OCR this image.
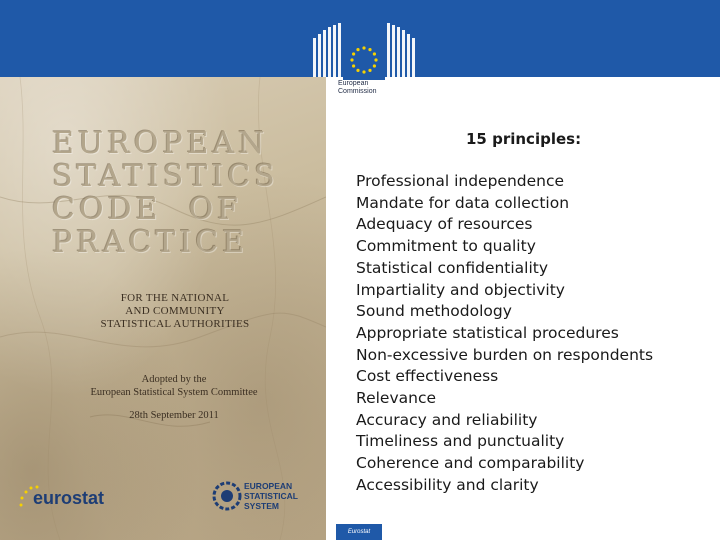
European
Commission
EUROPEAN
STATISTICS
CODE  OF
PRACTICE
FOR THE NATIONAL
AND COMMUNITY
STATISTICAL AUTHORITIES
Adopted by the
European Statistical System Committee
28th September 2011
eurostat
EUROPEAN
STATISTICAL
SYSTEM
15 principles:
Professional independence
Mandate for data collection
Adequacy of resources
Commitment to quality
Statistical confidentiality
Impartiality and objectivity
Sound methodology
Appropriate statistical procedures
Non-excessive burden on respondents
Cost effectiveness
Relevance
Accuracy and reliability
Timeliness and punctuality
Coherence and comparability
Accessibility and clarity
Eurostat
